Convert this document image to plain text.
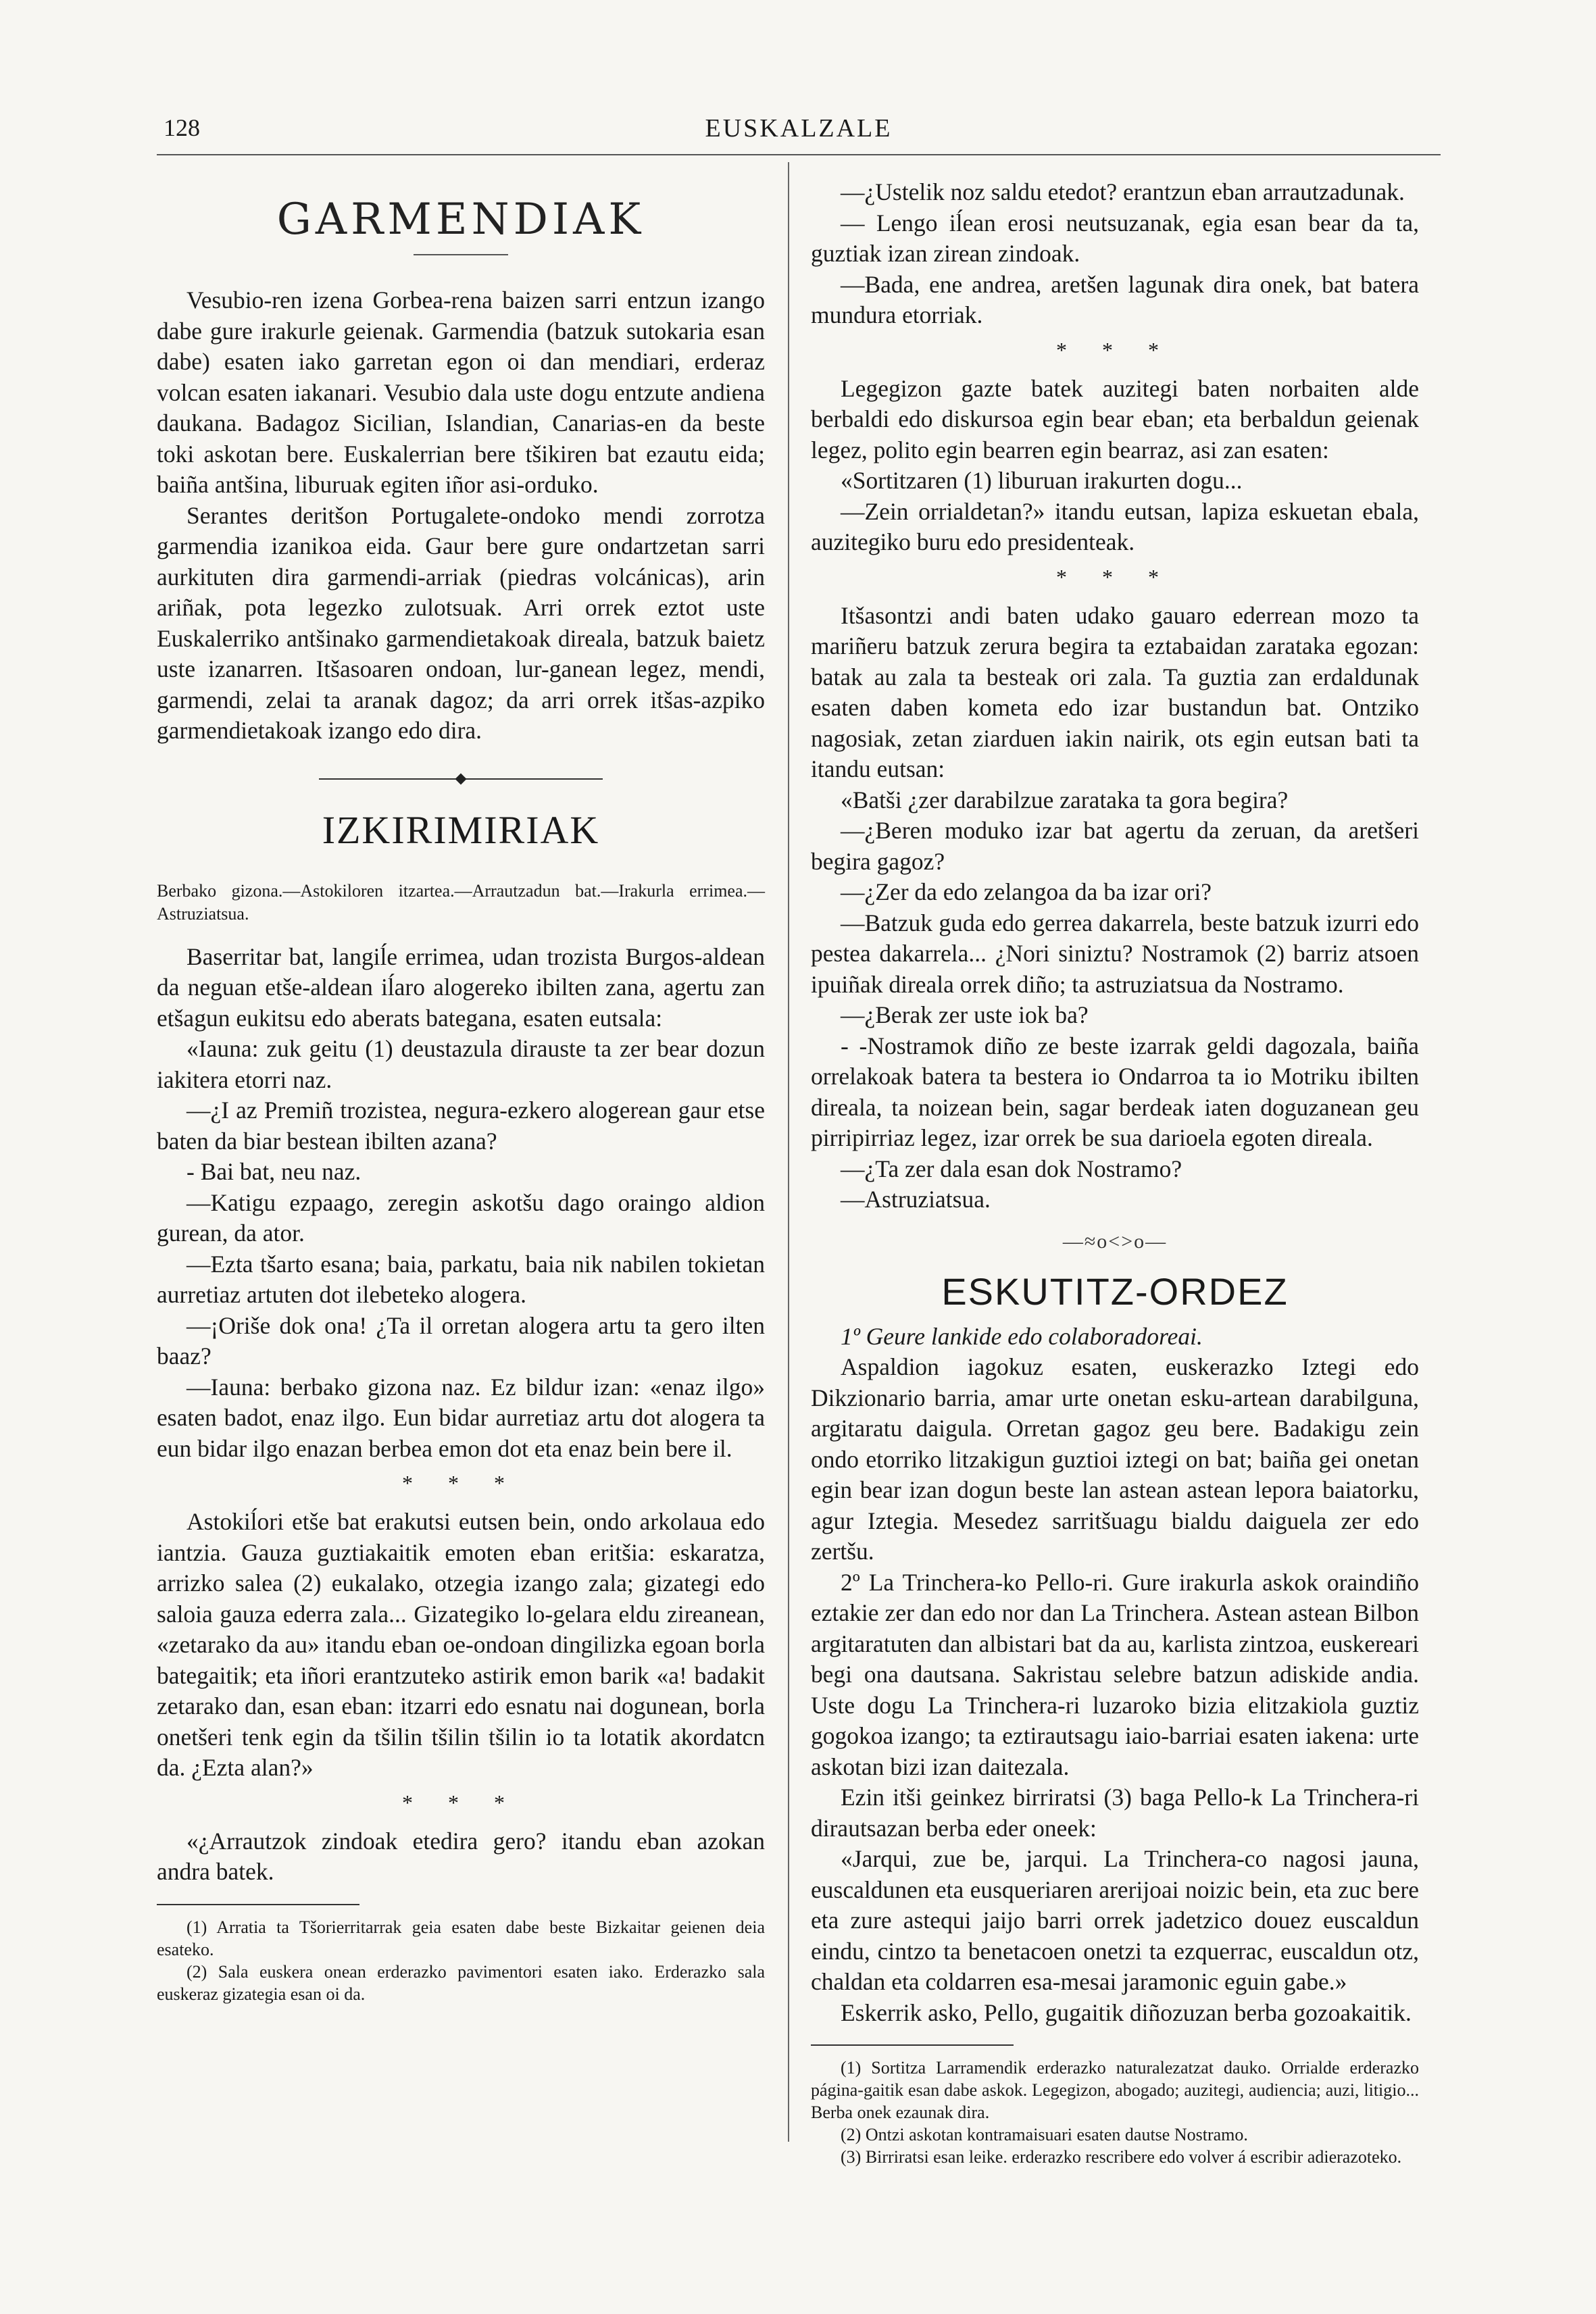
128	EUSKALZALE
GARMENDIAK

Vesubio-ren izena Gorbea-rena baizen sarri entzun izango dabe gure irakurle geienak. Garmendia (batzuk sutokaria esan dabe) esaten iako garretan egon oi dan mendiari, erderaz volcan esaten iakanari. Vesubio dala uste dogu entzute andiena daukana. Badagoz Sicilian, Islandian, Canarias-en da beste toki askotan bere. Euskalerrian bere tšikiren bat ezautu eida; baiña antšina, liburuak egiten iñor asi-orduko.

Serantes deritšon Portugalete-ondoko mendi zorrotza garmendia izanikoa eida. Gaur bere gure ondartzetan sarri aurkituten dira garmendi-arriak (piedras volcánicas), arin ariñak, pota legezko zulotsuak. Arri orrek eztot uste Euskalerriko antšinako garmendietakoak direala, batzuk baietz uste izanarren. Itšasoaren ondoan, lur-ganean legez, mendi, garmendi, zelai ta aranak dagoz; da arri orrek itšas-azpiko garmendietakoak izango edo dira.

IZKIRIMIRIAK

Berbako gizona.—Astokiloren itzartea.—Arrautzadun bat.—Irakurla errimea.—Astruziatsua.

Baserritar bat, langiĺe errimea, udan trozista Burgos-aldean da neguan etše-aldean iĺaro alogereko ibilten zana, agertu zan etšagun eukitsu edo aberats bategana, esaten eutsala:

«Iauna: zuk geitu (1) deustazula dirauste ta zer bear dozun iakitera etorri naz.

—¿I az Premiñ trozistea, negura-ezkero alogerean gaur etse baten da biar bestean ibilten azana?

- Bai bat, neu naz.

—Katigu ezpaago, zeregin askotšu dago oraingo aldion gurean, da ator.

—Ezta tšarto esana; baia, parkatu, baia nik nabilen tokietan aurretiaz artuten dot ilebeteko alogera.

—¡Orišе dok ona! ¿Ta il orretan alogera artu ta gero ilten baaz?

—Iauna: berbako gizona naz. Ez bildur izan: «enaz ilgo» esaten badot, enaz ilgo. Eun bidar aurretiaz artu dot alogera ta eun bidar ilgo enazan berbea emon dot eta enaz bein bere il.

* * *

Astokiĺori etše bat erakutsi eutsen bein, ondo arkolaua edo iantzia. Gauza guztiakaitik emoten eban eritšia: eskaratza, arrizko salea (2) eukalako, otzegia izango zala; gizategi edo saloia gauza ederra zala... Gizategiko lo-gelara eldu zireanean, «zetarako da au» itandu eban oe-ondoan dingilizka egoan borla bategaitik; eta iñori erantzuteko astirik emon barik «a! badakit zetarako dan, esan eban: itzarri edo esnatu nai dogunean, borla onetšeri tenk egin da tšilin tšilin tšilin io ta lotatik akordatcn da. ¿Ezta alan?»

* * *

«¿Arrautzok zindoak etedira gero? itandu eban azokan andra batek.

(1) Arratia ta Tšorierritarrak geia esaten dabe beste Bizkaitar geienen deia esateko.

(2) Sala euskera onean erderazko pavimentori esaten iako. Erderazko sala euskeraz gizategia esan oi da.

—¿Ustelik noz saldu etedot? erantzun eban arrautzadunak.

— Lengo iĺean erosi neutsuzanak, egia esan bear da ta, guztiak izan zirean zindoak.

—Bada, ene andrea, aretšen lagunak dira onek, bat batera mundura etorriak.

* * *

Legegizon gazte batek auzitegi baten norbaiten alde berbaldi edo diskursoa egin bear eban; eta berbaldun geienak legez, polito egin bearren egin bearraz, asi zan esaten:

«Sortitzaren (1) liburuan irakurten dogu...

—Zein orrialdetan?» itandu eutsan, lapiza eskuetan ebala, auzitegiko buru edo presidenteak.

* * *

Itšasontzi andi baten udako gauaro ederrean mozo ta mariñeru batzuk zerura begira ta eztabaidan zarataka egozan: batak au zala ta besteak ori zala. Ta guztia zan erdaldunak esaten daben kometa edo izar bustandun bat. Ontziko nagosiak, zetan ziarduen iakin nairik, ots egin eutsan bati ta itandu eutsan:

«Batši ¿zer darabilzue zarataka ta gora begira?

—¿Beren moduko izar bat agertu da zeruan, da aretšeri begira gagoz?

—¿Zer da edo zelangoa da ba izar ori?

—Batzuk guda edo gerrea dakarrela, beste batzuk izurri edo pestea dakarrela... ¿Nori siniztu? Nostramok (2) barriz atsoen ipuiñak direala orrek diño; ta astruziatsua da Nostramo.

—¿Berak zer uste iok ba?

- -Nostramok diño ze beste izarrak geldi dagozala, baiña orrelakoak batera ta bestera io Ondarroa ta io Motriku ibilten direala, ta noizean bein, sagar berdeak iaten doguzanean geu pirripirriaz legez, izar orrek be sua darioela egoten direala.

—¿Ta zer dala esan dok Nostramo?

—Astruziatsua.

—≈o<>o—
ESKUTITZ-ORDEZ

1º Geure lankide edo colaboradoreai.

Aspaldion iagokuz esaten, euskerazko Iztegi edo Dikzionario barria, amar urte onetan esku-artean darabilguna, argitaratu daigula. Orretan gagoz geu bere. Badakigu zein ondo etorriko litzakigun guztioi iztegi on bat; baiña gei onetan egin bear izan dogun beste lan astean astean lepora baiatorku, agur Iztegia. Mesedez sarritšuagu bialdu daiguela zer edo zertšu.

2º La Trinchera-ko Pello-ri. Gure irakurla askok oraindiño eztakie zer dan edo nor dan La Trinchera. Astean astean Bilbon argitaratuten dan albistari bat da au, karlista zintzoa, euskereari begi ona dautsana. Sakristau selebre batzun adiskide andia. Uste dogu La Trinchera-ri luzaroko bizia elitzakiola guztiz gogokoa izango; ta eztirautsagu iaio-barriai esaten iakena: urte askotan bizi izan daitezala.

Ezin itši geinkez birriratsi (3) baga Pello-k La Trinchera-ri dirautsazan berba eder oneek:

«Jarqui, zue be, jarqui. La Trinchera-co nagosi jauna, euscaldunen eta eusqueriaren arerijoai noizic bein, eta zuc bere eta zure astequi jaijo barri orrek jadetzico douez euscaldun eindu, cintzo ta benetacoen onetzi ta ezquerrac, euscaldun otz, chaldan eta coldarren esa-mesai jaramonic eguin gabe.»

Eskerrik asko, Pello, gugaitik diñozuzan berba gozoakaitik.

(1) Sortitza Larramendik erderazko naturalezatzat dauko. Orrialde erderazko página-gaitik esan dabe askok. Legegizon, abogado; auzitegi, audiencia; auzi, litigio... Berba onek ezaunak dira.

(2) Ontzi askotan kontramaisuari esaten dautse Nostramo.

(3) Birriratsi esan leike. erderazko rescribere edo volver á escribir adierazoteko.
